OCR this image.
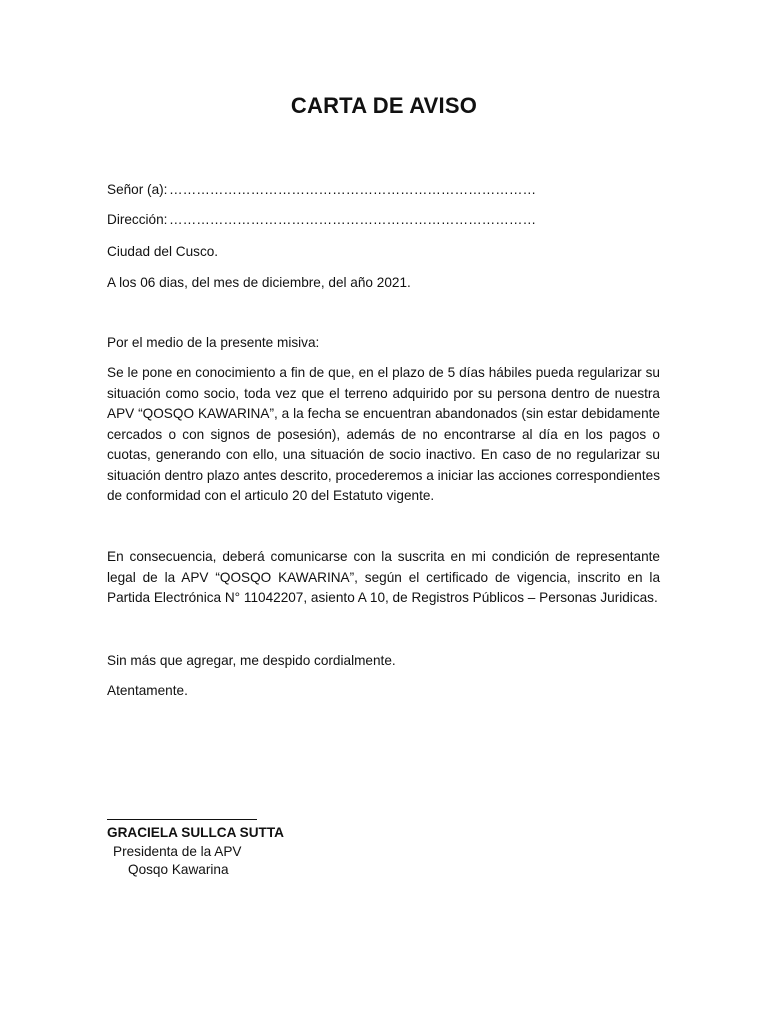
CARTA DE AVISO
Señor (a): ………………………………………………………………………
Dirección: ………………………………………………………………………
Ciudad del Cusco.
A los 06 dias, del mes de diciembre, del año 2021.
Por el medio de la presente misiva:

Se le pone en conocimiento a fin de que, en el plazo de 5 días hábiles pueda regularizar su situación como socio, toda vez que el terreno adquirido por su persona dentro de nuestra APV “QOSQO KAWARINA”, a la fecha se encuentran abandonados (sin estar debidamente cercados o con signos de posesión), además de no encontrarse al día en los pagos o cuotas, generando con ello, una situación de socio inactivo. En caso de no regularizar su situación dentro plazo antes descrito, procederemos a iniciar las acciones correspondientes de conformidad con el articulo 20 del Estatuto vigente.

En consecuencia, deberá comunicarse con la suscrita en mi condición de representante legal de la APV “QOSQO KAWARINA”, según el certificado de vigencia, inscrito en la Partida Electrónica N° 11042207, asiento A 10, de Registros Públicos – Personas Juridicas.

Sin más que agregar, me despido cordialmente.
Atentamente.
GRACIELA SULLCA SUTTA
Presidenta de la APV
Qosqo Kawarina
